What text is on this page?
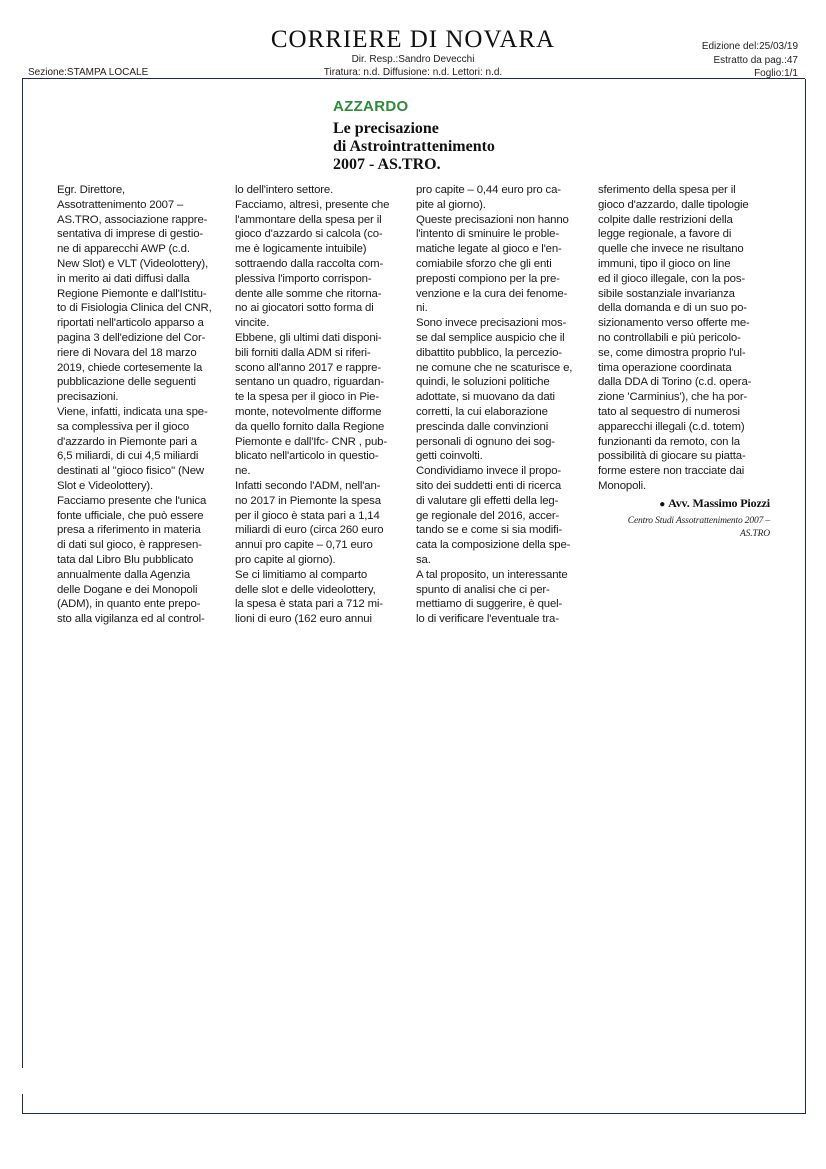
CORRIERE DI NOVARA
Dir. Resp.:Sandro Devecchi
Tiratura: n.d. Diffusione: n.d. Lettori: n.d.
Sezione:STAMPA LOCALE
Edizione del:25/03/19
Estratto da pag.:47
Foglio:1/1
AZZARDO
Le precisazione
di Astrointrattenimento
2007 - AS.TRO.

Egr. Direttore,
Assotrattenimento 2007 –
AS.TRO, associazione rappre-
sentativa di imprese di gestio-
ne di apparecchi AWP (c.d.
New Slot) e VLT (Videolottery),
in merito ai dati diffusi dalla
Regione Piemonte e dall'Istitu-
to di Fisiologia Clinica del CNR,
riportati nell'articolo apparso a
pagina 3 dell'edizione del Cor-
riere di Novara del 18 marzo
2019, chiede cortesemente la
pubblicazione delle seguenti
precisazioni.
Viene, infatti, indicata una spe-
sa complessiva per il gioco
d'azzardo in Piemonte pari a
6,5 miliardi, di cui 4,5 miliardi
destinati al "gioco fisico" (New
Slot e Videolottery).
Facciamo presente che l'unica
fonte ufficiale, che può essere
presa a riferimento in materia
di dati sul gioco, è rappresen-
tata dal Libro Blu pubblicato
annualmente dalla Agenzia
delle Dogane e dei Monopoli
(ADM), in quanto ente prepo-
sto alla vigilanza ed al control-

lo dell'intero settore.
Facciamo, altresì, presente che
l'ammontare della spesa per il
gioco d'azzardo si calcola (co-
me è logicamente intuibile)
sottraendo dalla raccolta com-
plessiva l'importo corrispon-
dente alle somme che ritorna-
no ai giocatori sotto forma di
vincite.
Ebbene, gli ultimi dati disponi-
bili forniti dalla ADM si riferi-
scono all'anno 2017 e rappre-
sentano un quadro, riguardan-
te la spesa per il gioco in Pie-
monte, notevolmente difforme
da quello fornito dalla Regione
Piemonte e dall'Ifc- CNR , pub-
blicato nell'articolo in questio-
ne.
Infatti secondo l'ADM, nell'an-
no 2017 in Piemonte la spesa
per il gioco è stata pari a 1,14
miliardi di euro (circa 260 euro
annui pro capite – 0,71 euro
pro capite al giorno).
Se ci limitiamo al comparto
delle slot e delle videolottery,
la spesa è stata pari a 712 mi-
lioni di euro (162 euro annui

pro capite – 0,44 euro pro ca-
pite al giorno).
Queste precisazioni non hanno
l'intento di sminuire le proble-
matiche legate al gioco e l'en-
comiabile sforzo che gli enti
preposti compiono per la pre-
venzione e la cura dei fenome-
ni.
Sono invece precisazioni mos-
se dal semplice auspicio che il
dibattito pubblico, la percezio-
ne comune che ne scaturisce e,
quindi, le soluzioni politiche
adottate, si muovano da dati
corretti, la cui elaborazione
prescinda dalle convinzioni
personali di ognuno dei sog-
getti coinvolti.
Condividiamo invece il propo-
sito dei suddetti enti di ricerca
di valutare gli effetti della leg-
ge regionale del 2016, accer-
tando se e come si sia modifi-
cata la composizione della spe-
sa.
A tal proposito, un interessante
spunto di analisi che ci per-
mettiamo di suggerire, è quel-
lo di verificare l'eventuale tra-

sferimento della spesa per il
gioco d'azzardo, dalle tipologie
colpite dalle restrizioni della
legge regionale, a favore di
quelle che invece ne risultano
immuni, tipo il gioco on line
ed il gioco illegale, con la pos-
sibile sostanziale invarianza
della domanda e di un suo po-
sizionamento verso offerte me-
no controllabili e più pericolo-
se, come dimostra proprio l'ul-
tima operazione coordinata
dalla DDA di Torino (c.d. opera-
zione 'Carminius'), che ha por-
tato al sequestro di numerosi
apparecchi illegali (c.d. totem)
funzionanti da remoto, con la
possibilità di giocare su piatta-
forme estere non tracciate dai
Monopoli.

● Avv. Massimo Piozzi
Centro Studi Assotrattenimento 2007 –
AS.TRO
